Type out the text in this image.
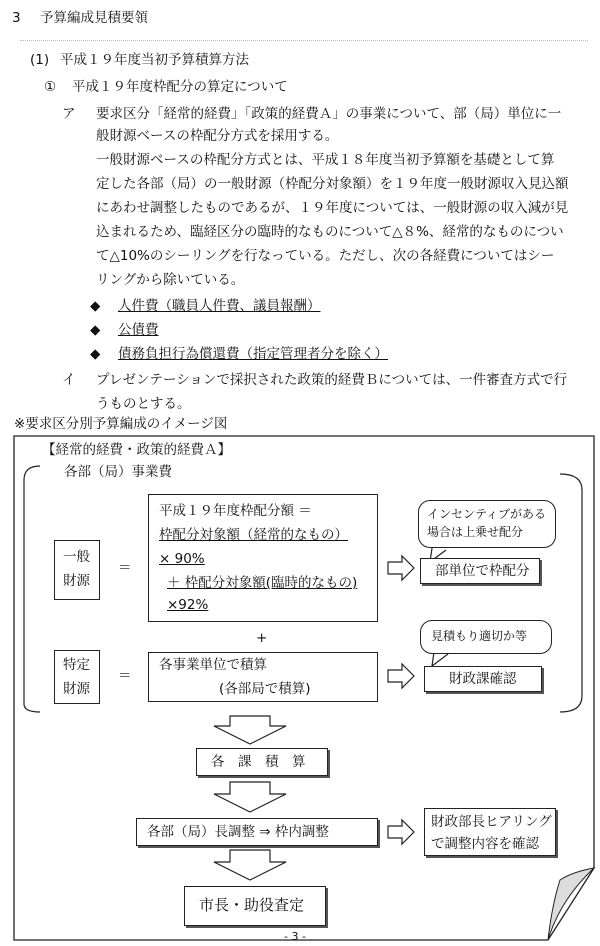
3 予算編成見積要領
(1) 平成１９年度当初予算積算方法
① 平成１９年度枠配分の算定について
ア 要求区分「経常的経費」「政策的経費Ａ」の事業について、部（局）単位に一
般財源ベースの枠配分方式を採用する。
一般財源ベースの枠配分方式とは、平成１８年度当初予算額を基礎として算
定した各部（局）の一般財源（枠配分対象額）を１９年度一般財源収入見込額
にあわせ調整したものであるが、１９年度については、一般財源の収入減が見
込まれるため、臨経区分の臨時的なものについて△８%、経常的なものについ
て△10%のシーリングを行なっている。ただし、次の各経費についてはシー
リングから除いている。
◆ 人件費（職員人件費、議員報酬）
◆ 公債費
◆ 債務負担行為償還費（指定管理者分を除く）
イ プレゼンテーションで採択された政策的経費Ｂについては、一件審査方式で行
うものとする。
※要求区分別予算編成のイメージ図
【経常的経費・政策的経費Ａ】
各部（局）事業費
一般
財源
＝
平成１９年度枠配分額 ＝
枠配分対象額（経常的なもの）
× 90%
＋ 枠配分対象額(臨時的なもの)
×92%
インセンティブがある
場合は上乗せ配分
部単位で枠配分
+
特定
財源
＝
各事業単位で積算
(各部局で積算)
見積もり適切か等
財政課確認
各　課　積　算
各部（局）長調整 ⇒ 枠内調整
財政部長ヒアリング
で調整内容を確認
市長・助役査定
- 3 -
